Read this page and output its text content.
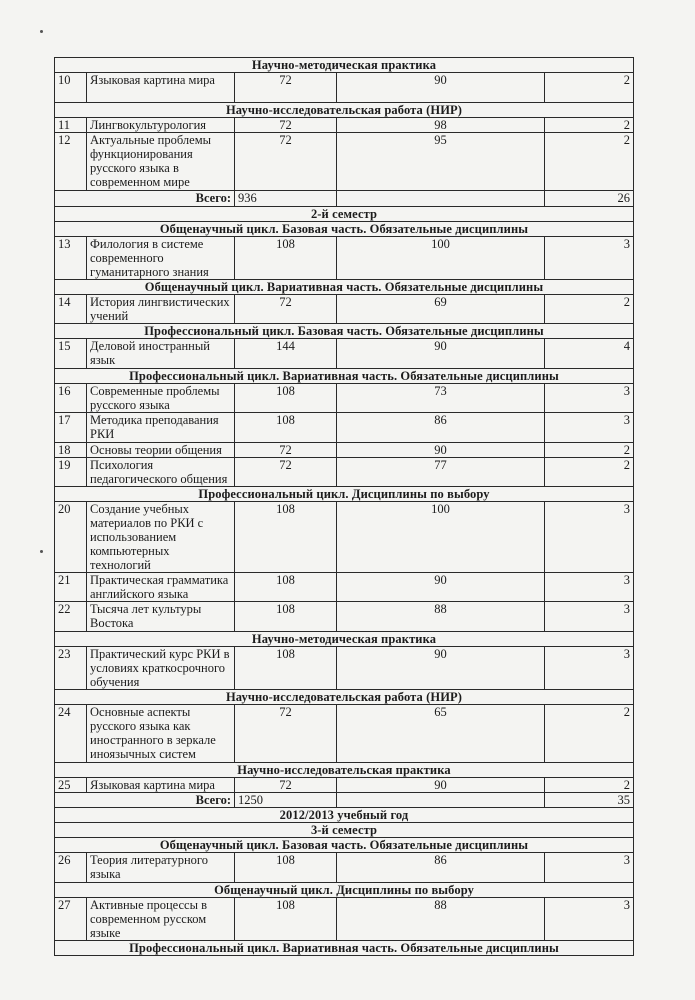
Научно-методическая практика				
10	Языковая картина мира	72	90	2
Научно-исследовательская работа (НИР)				
11	Лингвокультурология	72	98	2
12	Актуальные проблемы функционирования русского языка в современном мире	72	95	2
Всего:		936		26
2-й семестр				
Общенаучный цикл. Базовая часть. Обязательные дисциплины				
13	Филология в системе современного гуманитарного знания	108	100	3
Общенаучный цикл. Вариативная часть. Обязательные дисциплины				
14	История лингвистических учений	72	69	2
Профессиональный цикл. Базовая часть. Обязательные дисциплины				
15	Деловой иностранный язык	144	90	4
Профессиональный цикл. Вариативная часть. Обязательные дисциплины				
16	Современные проблемы русского языка	108	73	3
17	Методика преподавания РКИ	108	86	3
18	Основы теории общения	72	90	2
19	Психология педагогического общения	72	77	2
Профессиональный цикл. Дисциплины по выбору				
20	Создание учебных материалов по РКИ с использованием компьютерных технологий	108	100	3
21	Практическая грамматика английского языка	108	90	3
22	Тысяча лет культуры Востока	108	88	3
Научно-методическая практика				
23	Практический курс РКИ в условиях краткосрочного обучения	108	90	3
Научно-исследовательская работа (НИР)				
24	Основные аспекты русского языка как иностранного в зеркале иноязычных систем	72	65	2
Научно-исследовательская практика				
25	Языковая картина мира	72	90	2
Всего:		1250		35
2012/2013 учебный год				
3-й семестр				
Общенаучный цикл. Базовая часть. Обязательные дисциплины				
26	Теория литературного языка	108	86	3
Общенаучный цикл. Дисциплины по выбору				
27	Активные процессы в современном русском языке	108	88	3
Профессиональный цикл. Вариативная часть. Обязательные дисциплины				
